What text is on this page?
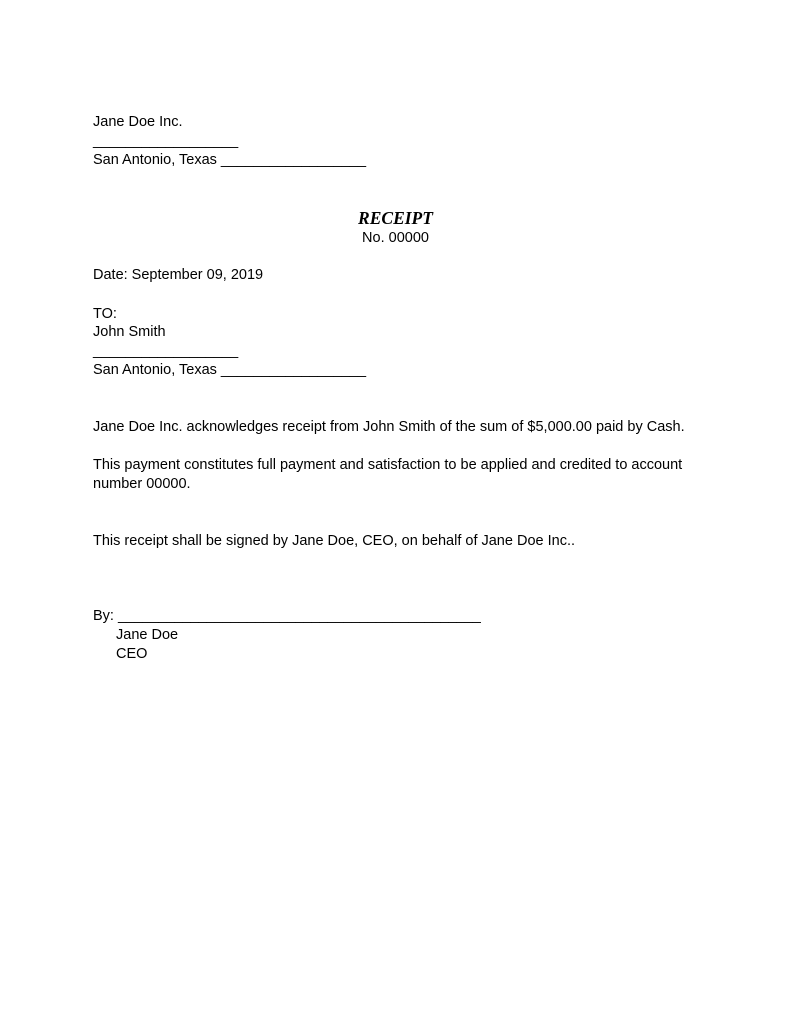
Jane Doe Inc.
__________________
San Antonio, Texas __________________
RECEIPT
No. 00000
Date: September 09, 2019
TO:
John Smith
__________________
San Antonio, Texas __________________
Jane Doe Inc. acknowledges receipt from John Smith of the sum of $5,000.00 paid by Cash.
This payment constitutes full payment and satisfaction to be applied and credited to account
number 00000.
This receipt shall be signed by Jane Doe, CEO, on behalf of Jane Doe Inc..
By: _____________________________________________
Jane Doe
CEO
